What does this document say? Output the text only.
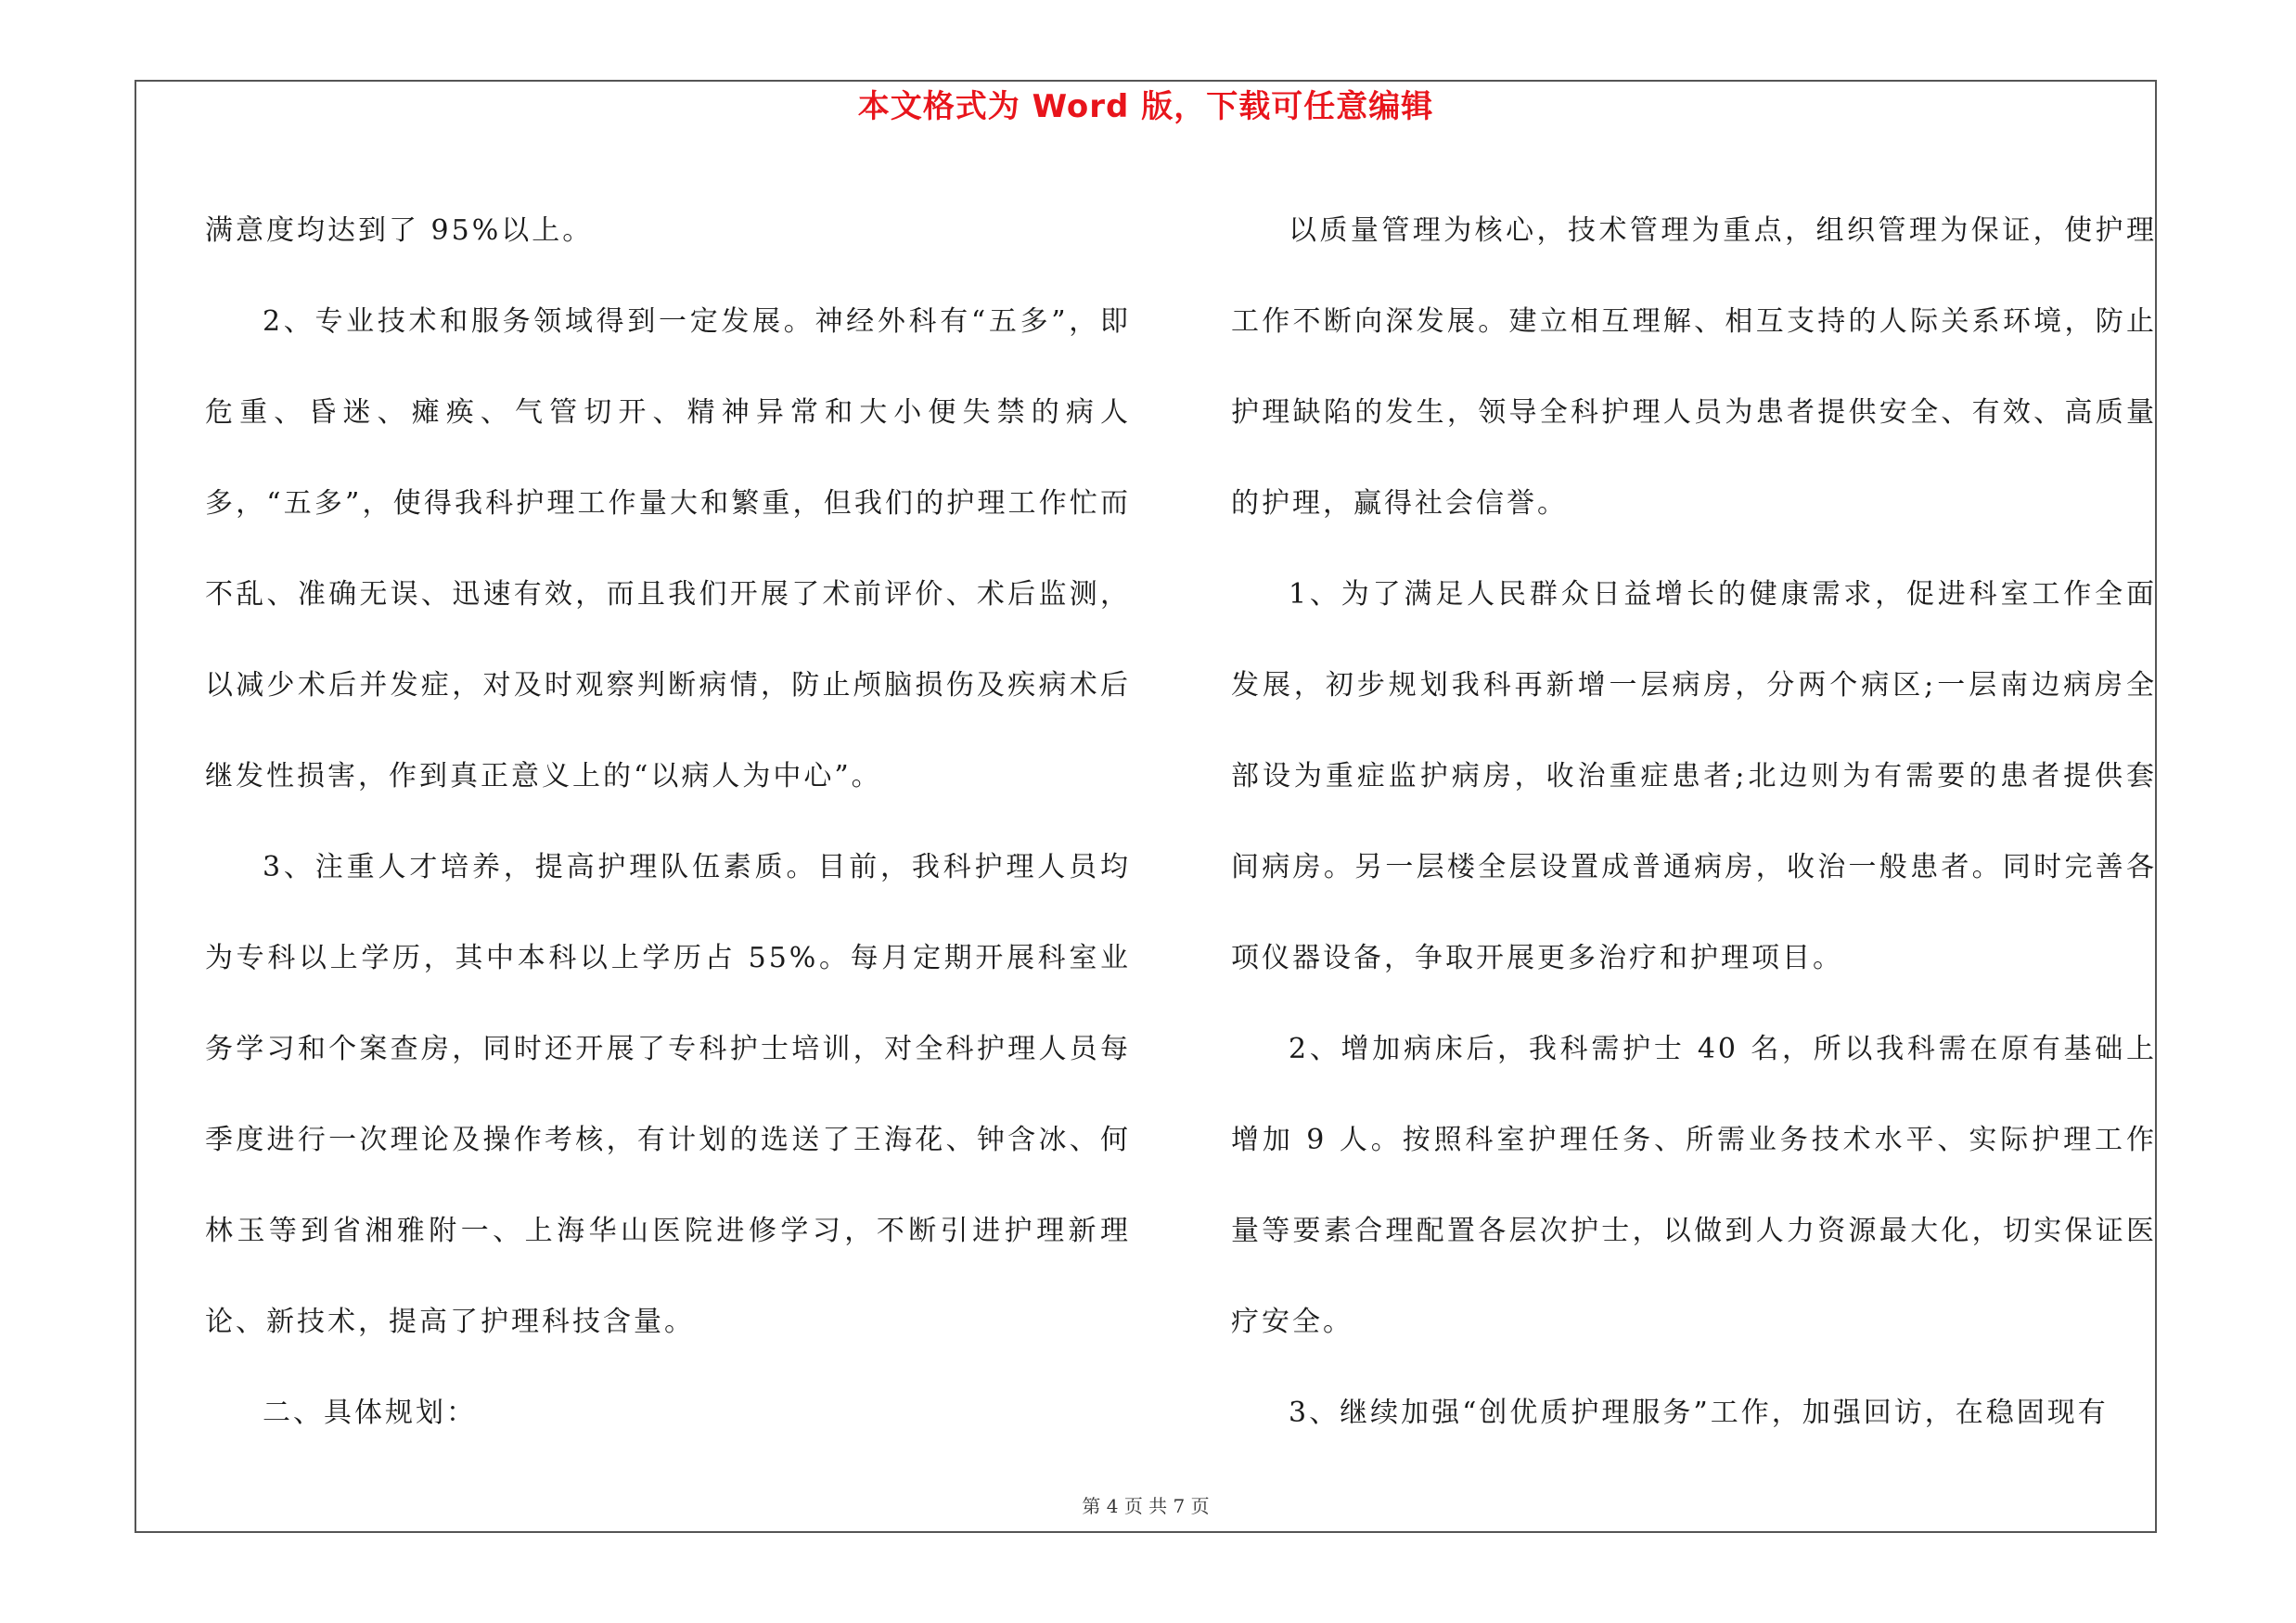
本文格式为 Word 版，下载可任意编辑

满意度均达到了 95%以上。

2、专业技术和服务领域得到一定发展。神经外科有“五多”，即危重、昏迷、瘫痪、气管切开、精神异常和大小便失禁的病人多，“五多”，使得我科护理工作量大和繁重，但我们的护理工作忙而不乱、准确无误、迅速有效，而且我们开展了术前评价、术后监测，以减少术后并发症，对及时观察判断病情，防止颅脑损伤及疾病术后继发性损害，作到真正意义上的“以病人为中心”。

3、注重人才培养，提高护理队伍素质。目前，我科护理人员均为专科以上学历，其中本科以上学历占 55%。每月定期开展科室业务学习和个案查房，同时还开展了专科护士培训，对全科护理人员每季度进行一次理论及操作考核，有计划的选送了王海花、钟含冰、何林玉等到省湘雅附一、上海华山医院进修学习，不断引进护理新理论、新技术，提高了护理科技含量。

二、具体规划：

以质量管理为核心，技术管理为重点，组织管理为保证，使护理工作不断向深发展。建立相互理解、相互支持的人际关系环境，防止护理缺陷的发生，领导全科护理人员为患者提供安全、有效、高质量的护理，赢得社会信誉。

1、为了满足人民群众日益增长的健康需求，促进科室工作全面发展，初步规划我科再新增一层病房，分两个病区;一层南边病房全部设为重症监护病房，收治重症患者;北边则为有需要的患者提供套间病房。另一层楼全层设置成普通病房，收治一般患者。同时完善各项仪器设备，争取开展更多治疗和护理项目。

2、增加病床后，我科需护士 40 名，所以我科需在原有基础上增加 9 人。按照科室护理任务、所需业务技术水平、实际护理工作量等要素合理配置各层次护士，以做到人力资源最大化，切实保证医疗安全。

3、继续加强“创优质护理服务”工作，加强回访，在稳固现有

第 4 页 共 7 页
